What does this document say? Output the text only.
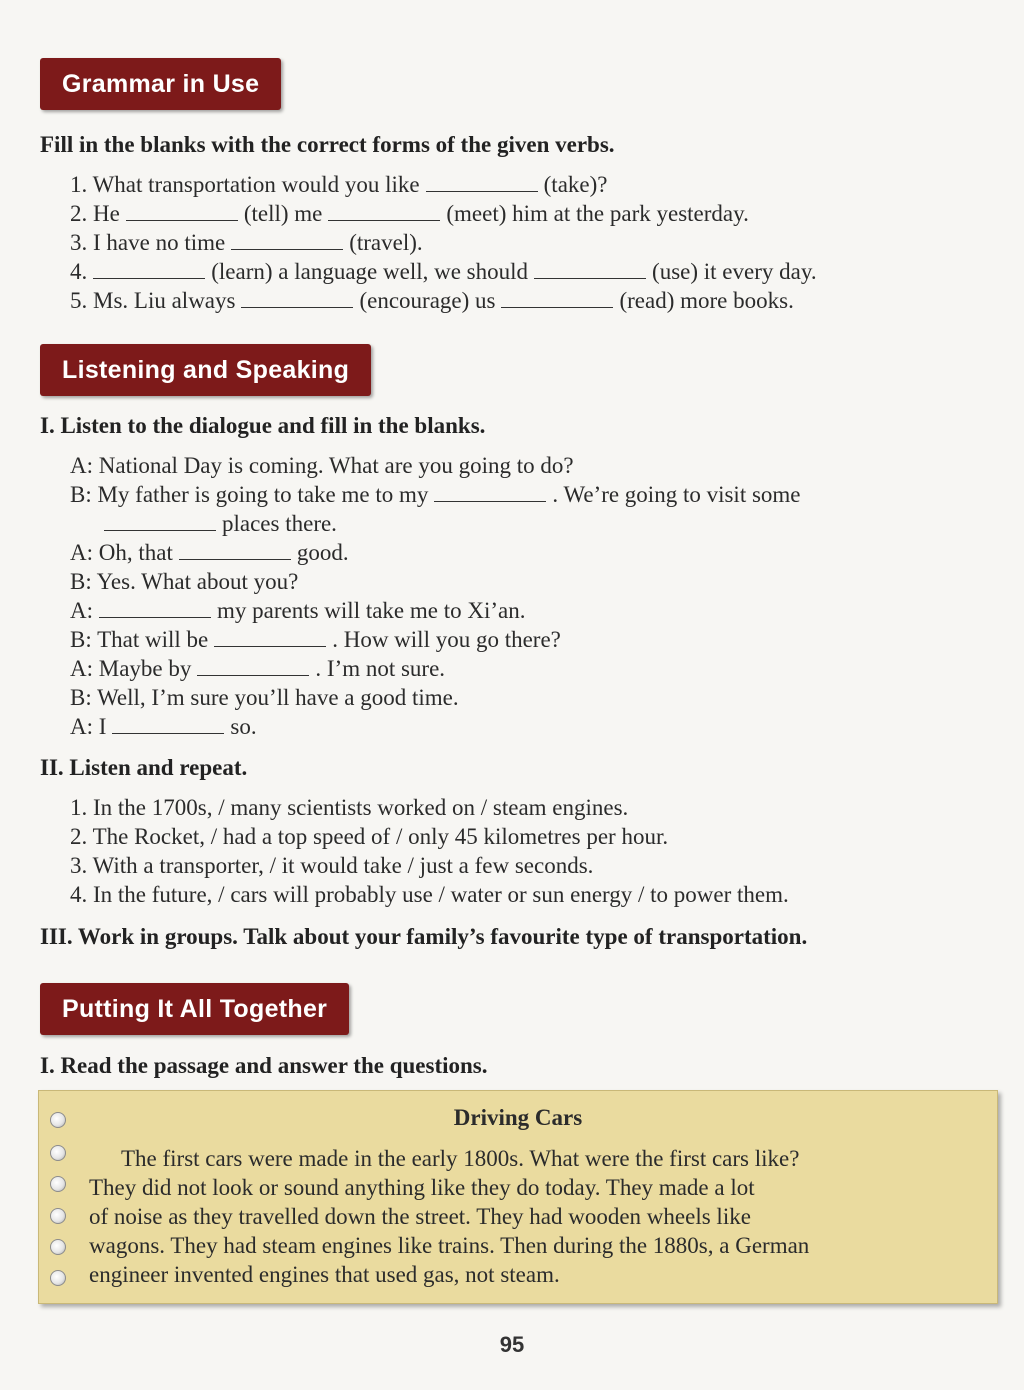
Grammar in Use
Fill in the blanks with the correct forms of the given verbs.
1. What transportation would you like	(take)?
2. He	(tell) me	(meet) him at the park yesterday.
3. I have no time	(travel).
4.	(learn) a language well, we should	(use) it every day.
5. Ms. Liu always	(encourage) us	(read) more books.
Listening and Speaking
I. Listen to the dialogue and fill in the blanks.
A: National Day is coming. What are you going to do?
B: My father is going to take me to my	. We’re going to visit some
places there.
A: Oh, that	good.
B: Yes. What about you?
A:	my parents will take me to Xi’an.
B: That will be	. How will you go there?
A: Maybe by	. I’m not sure.
B: Well, I’m sure you’ll have a good time.
A: I	so.
II. Listen and repeat.
1. In the 1700s, / many scientists worked on / steam engines.
2. The Rocket, / had a top speed of / only 45 kilometres per hour.
3. With a transporter, / it would take / just a few seconds.
4. In the future, / cars will probably use / water or sun energy / to power them.
III. Work in groups. Talk about your family’s favourite type of transportation.
Putting It All Together
I. Read the passage and answer the questions.
Driving Cars
The first cars were made in the early 1800s. What were the first cars like?
They did not look or sound anything like they do today. They made a lot
of noise as they travelled down the street. They had wooden wheels like
wagons. They had steam engines like trains. Then during the 1880s, a German
engineer invented engines that used gas, not steam.
95
